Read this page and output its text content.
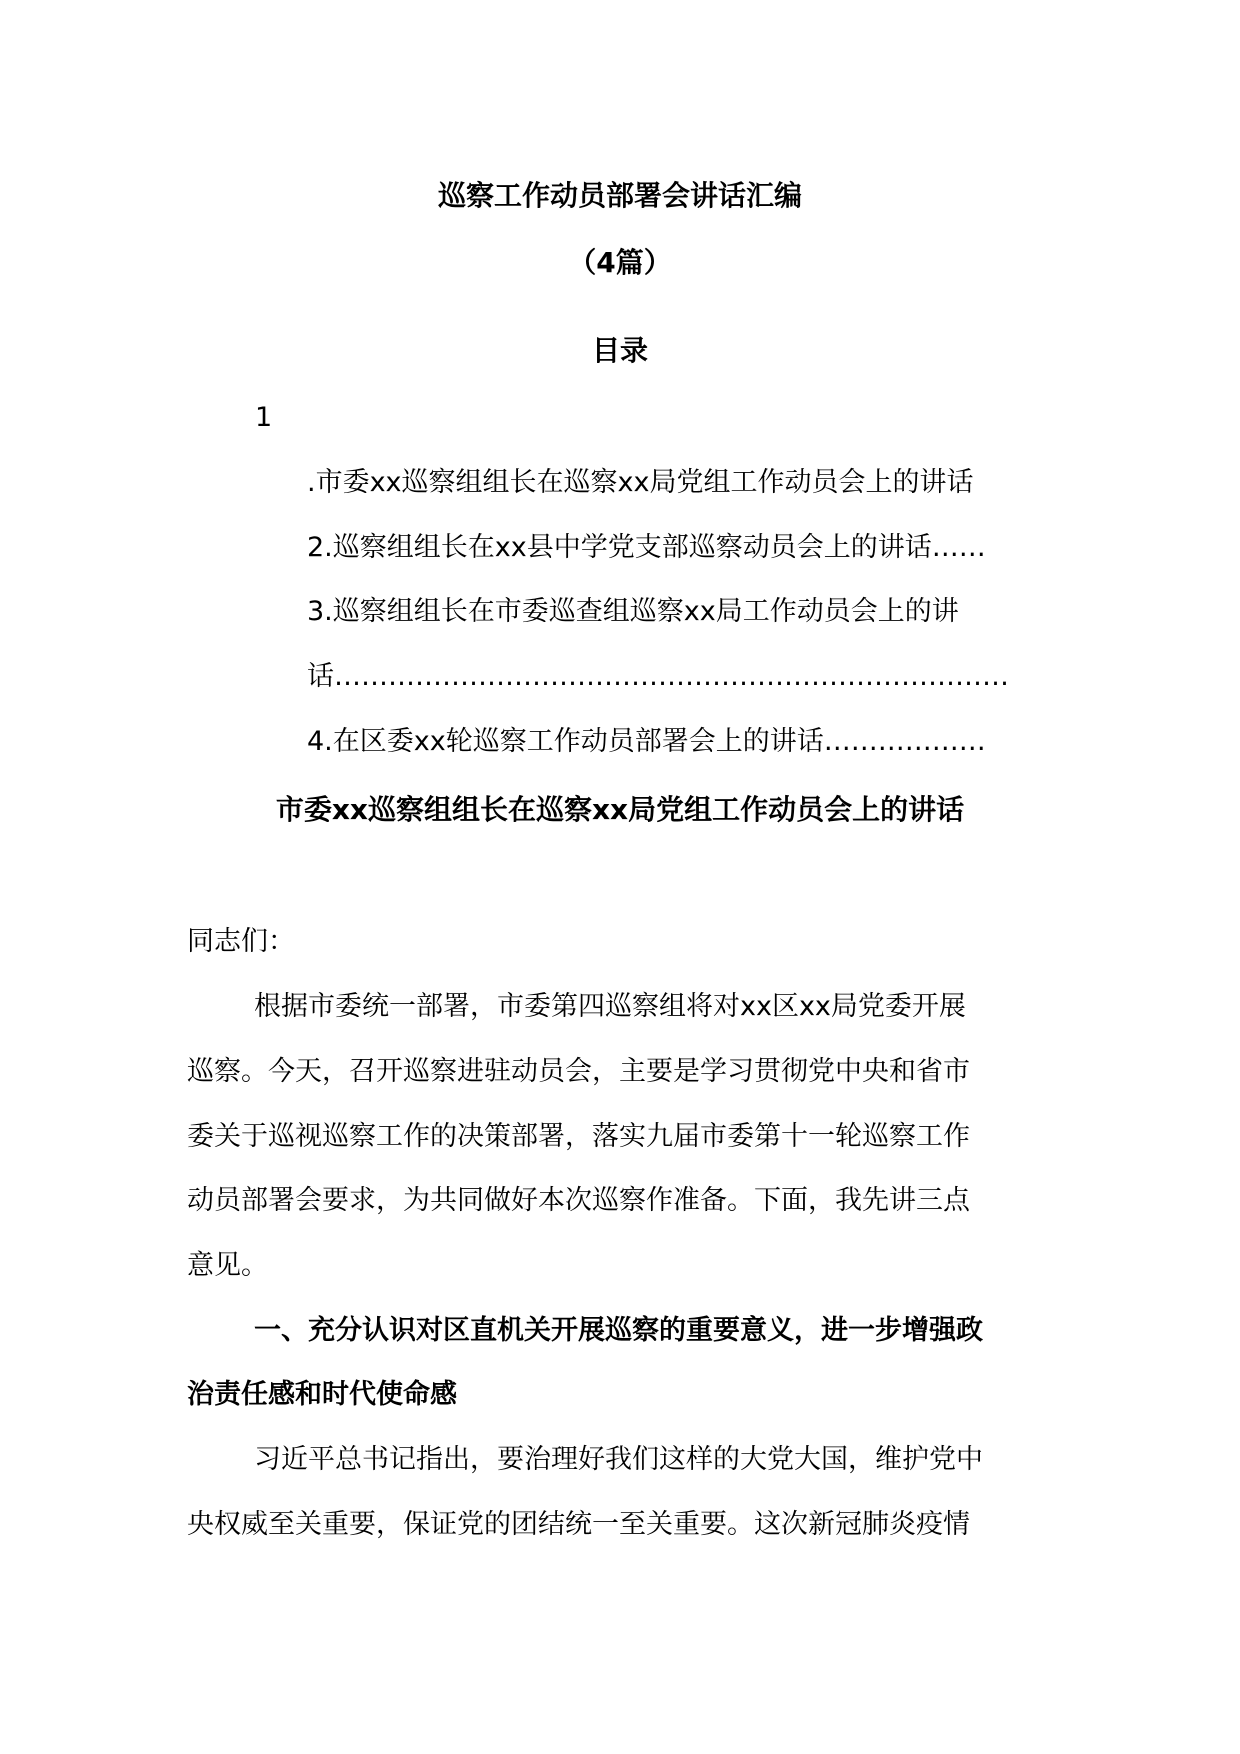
巡察工作动员部署会讲话汇编
（4篇）
目录
1
.市委xx巡察组组长在巡察xx局党组工作动员会上的讲话
2.巡察组组长在xx县中学党支部巡察动员会上的讲话……
3.巡察组组长在市委巡查组巡察xx局工作动员会上的讲
话…………………………………………………………………
4.在区委xx轮巡察工作动员部署会上的讲话………………
市委xx巡察组组长在巡察xx局党组工作动员会上的讲话
同志们：
根据市委统一部署，市委第四巡察组将对xx区xx局党委开展
巡察。今天，召开巡察进驻动员会，主要是学习贯彻党中央和省市
委关于巡视巡察工作的决策部署，落实九届市委第十一轮巡察工作
动员部署会要求，为共同做好本次巡察作准备。下面，我先讲三点
意见。
一、充分认识对区直机关开展巡察的重要意义，进一步增强政
治责任感和时代使命感
习近平总书记指出，要治理好我们这样的大党大国，维护党中
央权威至关重要，保证党的团结统一至关重要。这次新冠肺炎疫情
